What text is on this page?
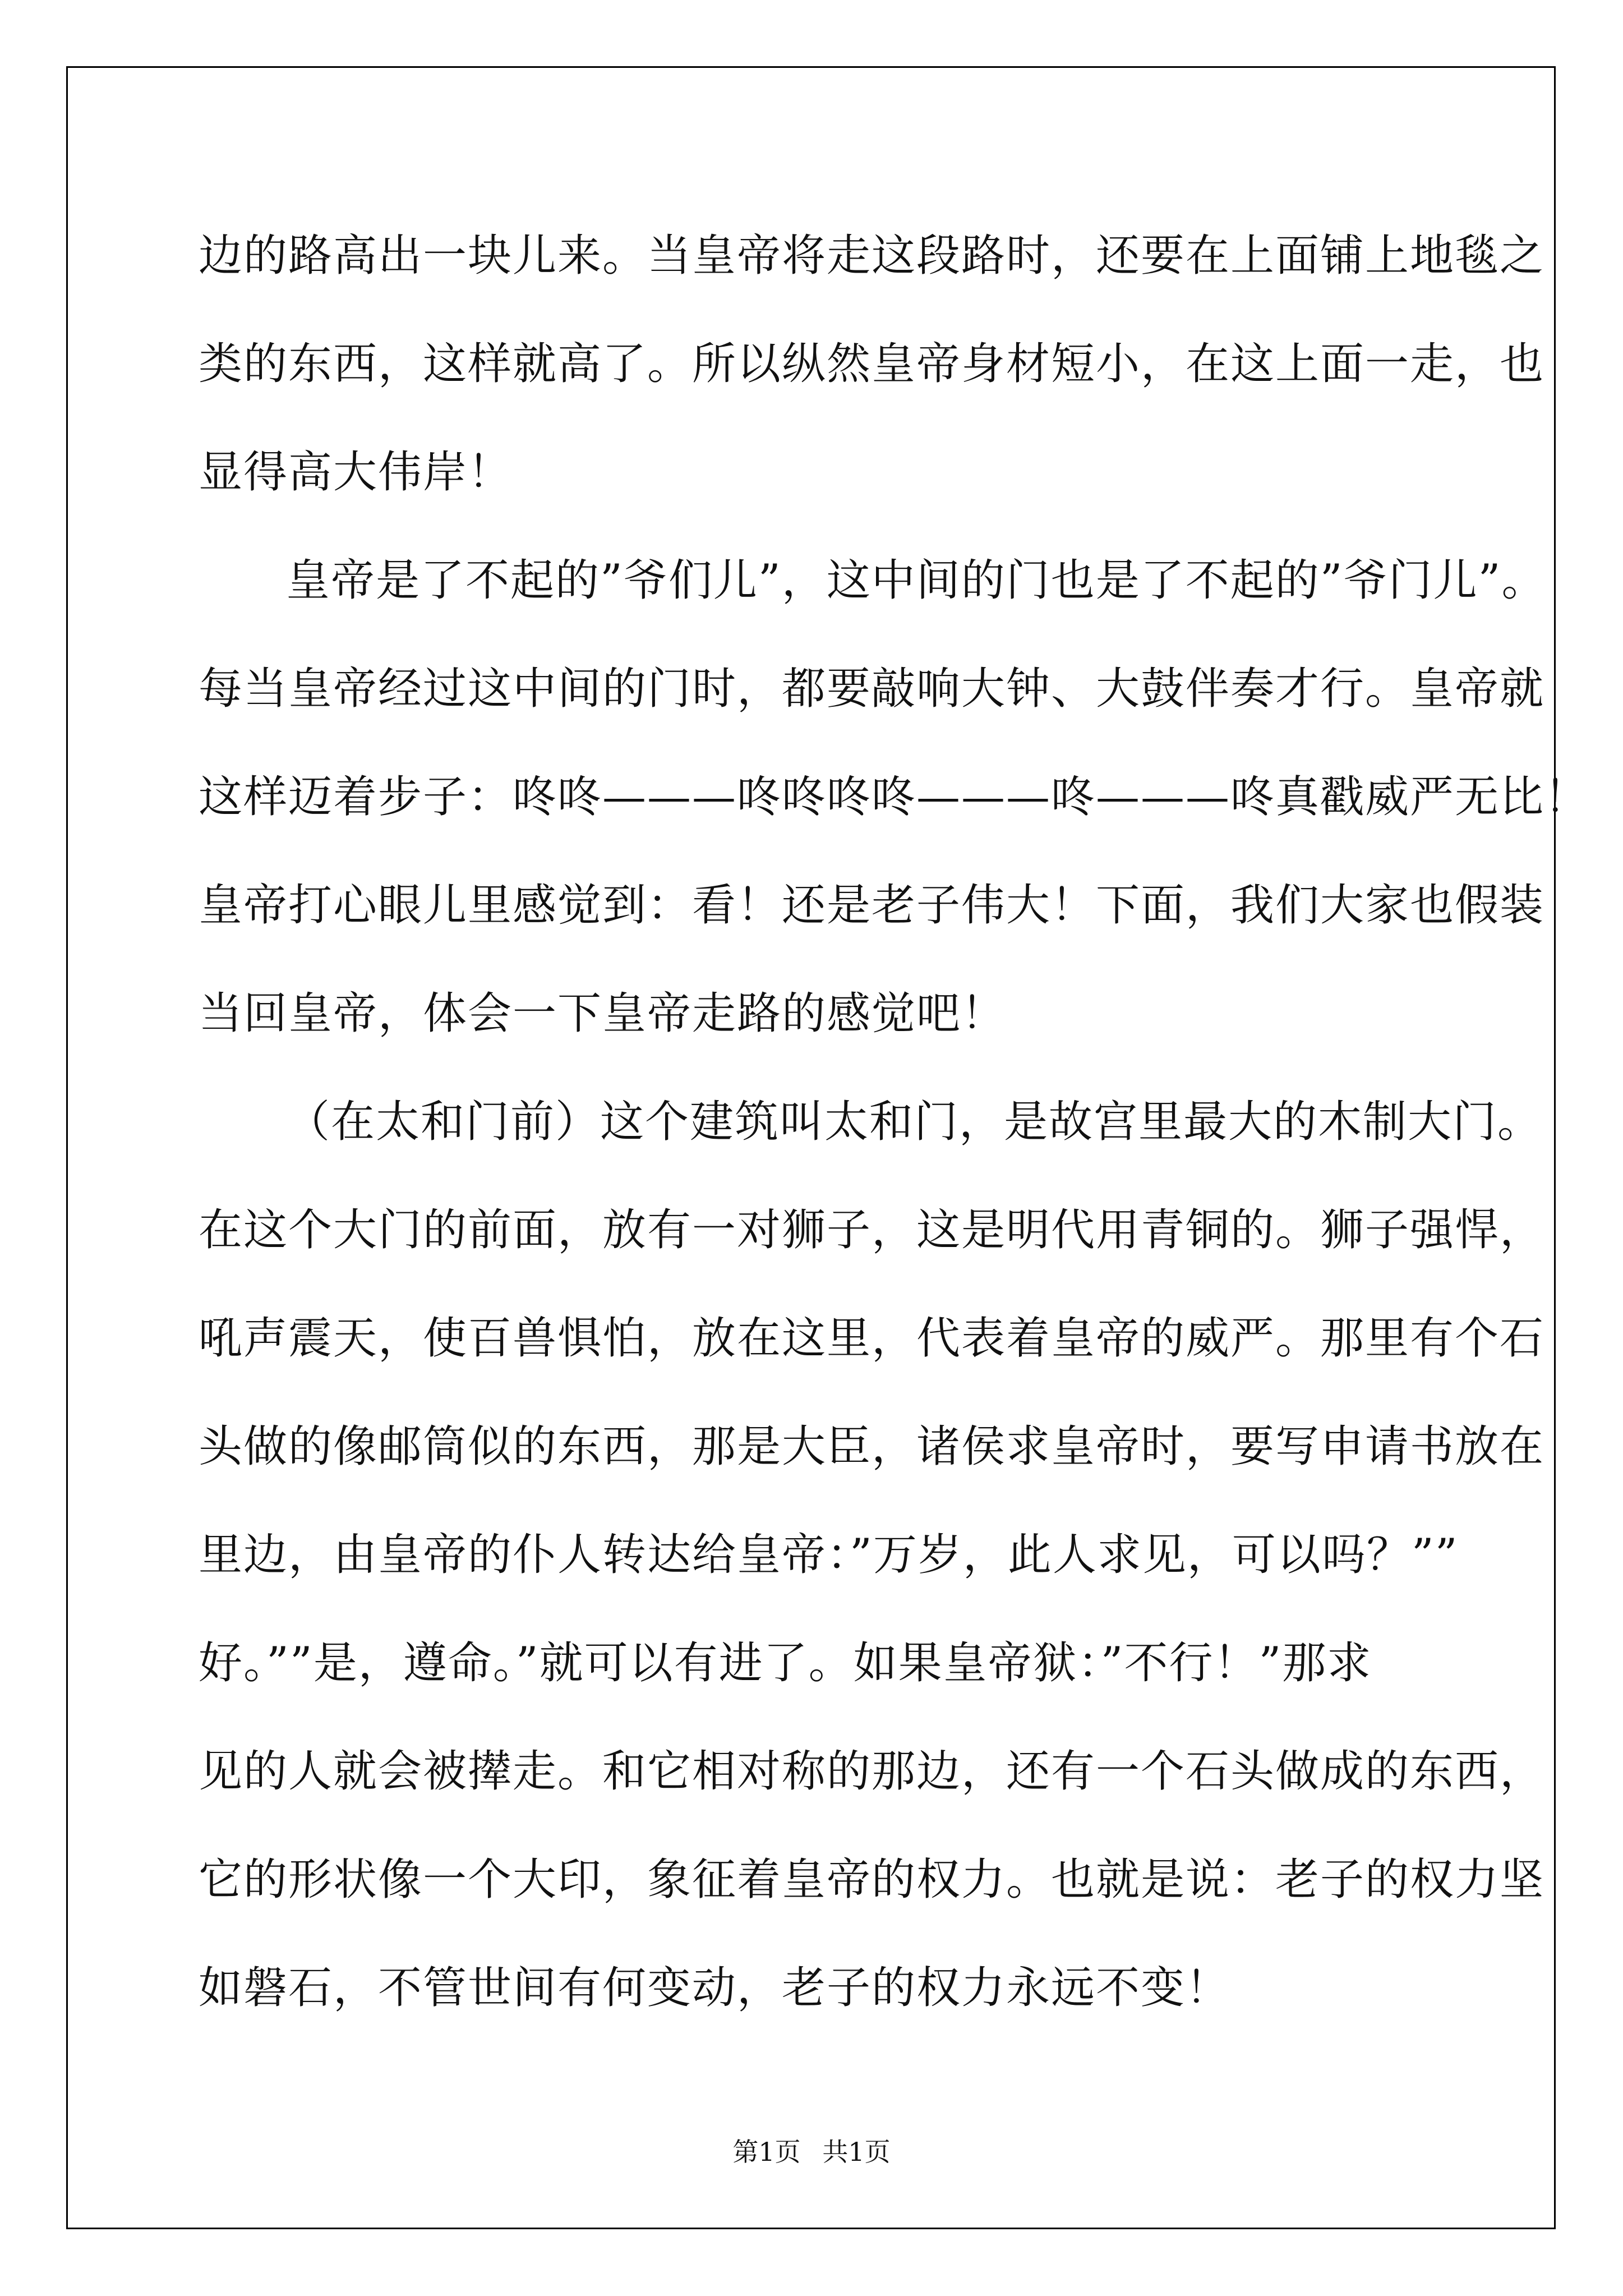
边的路高出一块儿来。当皇帝将走这段路时，还要在上面铺上地毯之
类的东西，这样就高了。所以纵然皇帝身材短小，在这上面一走，也
显得高大伟岸！
皇帝是了不起的”爷们儿”，这中间的门也是了不起的”爷门儿”。
每当皇帝经过这中间的门时，都要敲响大钟、大鼓伴奏才行。皇帝就
这样迈着步子：咚咚———咚咚咚咚———咚———咚真戳威严无比！
皇帝打心眼儿里感觉到：看！还是老子伟大！下面，我们大家也假装
当回皇帝，体会一下皇帝走路的感觉吧！
（在太和门前）这个建筑叫太和门，是故宫里最大的木制大门。
在这个大门的前面，放有一对狮子，这是明代用青铜的。狮子强悍，
吼声震天，使百兽惧怕，放在这里，代表着皇帝的威严。那里有个石
头做的像邮筒似的东西，那是大臣，诸侯求皇帝时，要写申请书放在
里边，由皇帝的仆人转达给皇帝：”万岁，此人求见，可以吗？””
好。””是，遵命。”就可以有进了。如果皇帝狱：”不行！”那求
见的人就会被撵走。和它相对称的那边，还有一个石头做成的东西，
它的形状像一个大印，象征着皇帝的权力。也就是说：老子的权力坚
如磐石，不管世间有何变动，老子的权力永远不变！
第1页 共1页
